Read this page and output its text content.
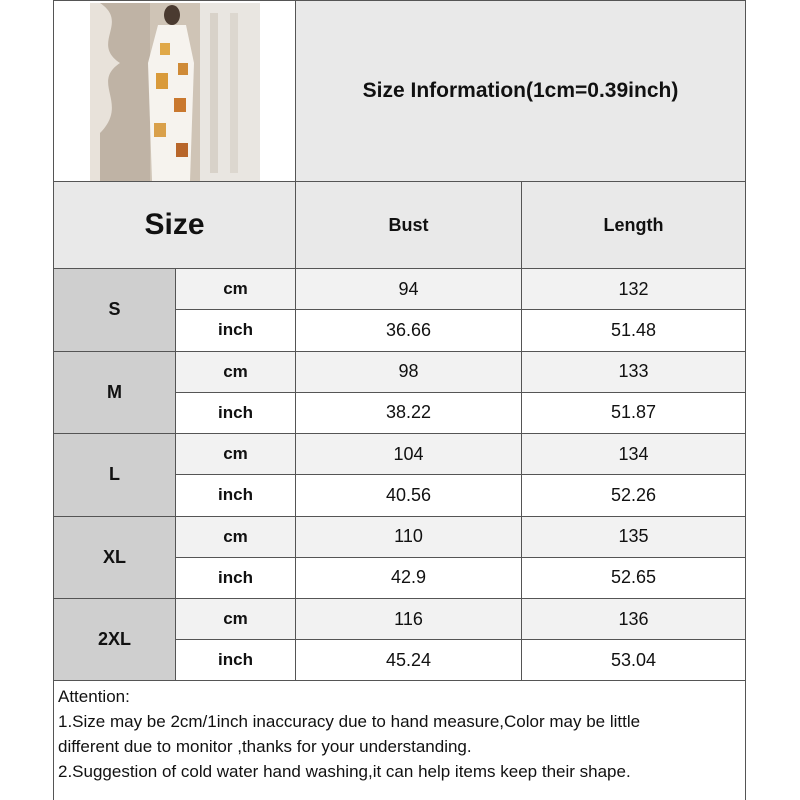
Size Information(1cm=0.39inch)
Size	Bust	Length
S
cm	94	132
inch	36.66	51.48
M
cm	98	133
inch	38.22	51.87
L
cm	104	134
inch	40.56	52.26
XL
cm	110	135
inch	42.9	52.65
2XL
cm	116	136
inch	45.24	53.04
Attention:
1.Size may be 2cm/1inch inaccuracy due to hand measure,Color may be little
different due to monitor ,thanks for your understanding.
2.Suggestion of cold water hand washing,it can help items keep their shape.
